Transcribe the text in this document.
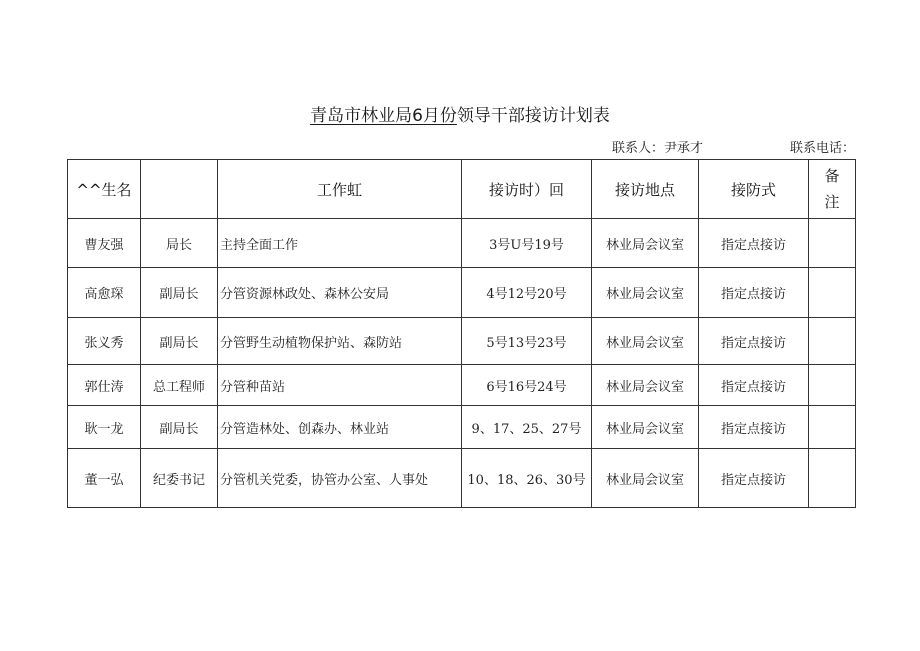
青岛市林业局6月份领导干部接访计划表
联系人：尹承才	联系电话：
^^生名		工作虹	接访时）回	接访地点	接防式	备注
曹友强	局长	主持全面工作	3号U号19号	林业局会议室	指定点接访	
高愈琛	副局长	分管资源林政处、森林公安局	4号12号20号	林业局会议室	指定点接访	
张义秀	副局长	分管野生动植物保护站、森防站	5号13号23号	林业局会议室	指定点接访	
郭仕涛	总工程师	分管种苗站	6号16号24号	林业局会议室	指定点接访	
耿一龙	副局长	分管造林处、创森办、林业站	9、17、25、27号	林业局会议室	指定点接访	
董一弘	纪委书记	分管机关党委，协管办公室、人事处	10、18、26、30号	林业局会议室	指定点接访	
